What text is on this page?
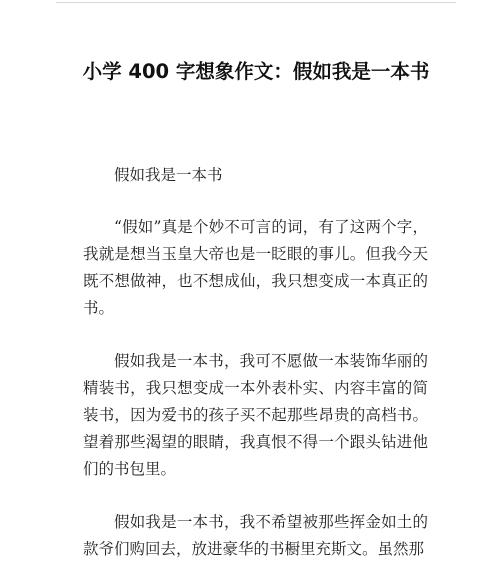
小学 400 字想象作文：假如我是一本书

假如我是一本书

“假如”真是个妙不可言的词，有了这两个字，我就是想当玉皇大帝也是一眨眼的事儿。但我今天既不想做神，也不想成仙，我只想变成一本真正的书。

假如我是一本书，我可不愿做一本装饰华丽的精装书，我只想变成一本外表朴实、内容丰富的简装书，因为爱书的孩子买不起那些昂贵的高档书。望着那些渴望的眼睛，我真恨不得一个跟头钻进他们的书包里。

假如我是一本书，我不希望被那些挥金如土的款爷们购回去，放进豪华的书橱里充斯文。虽然那
